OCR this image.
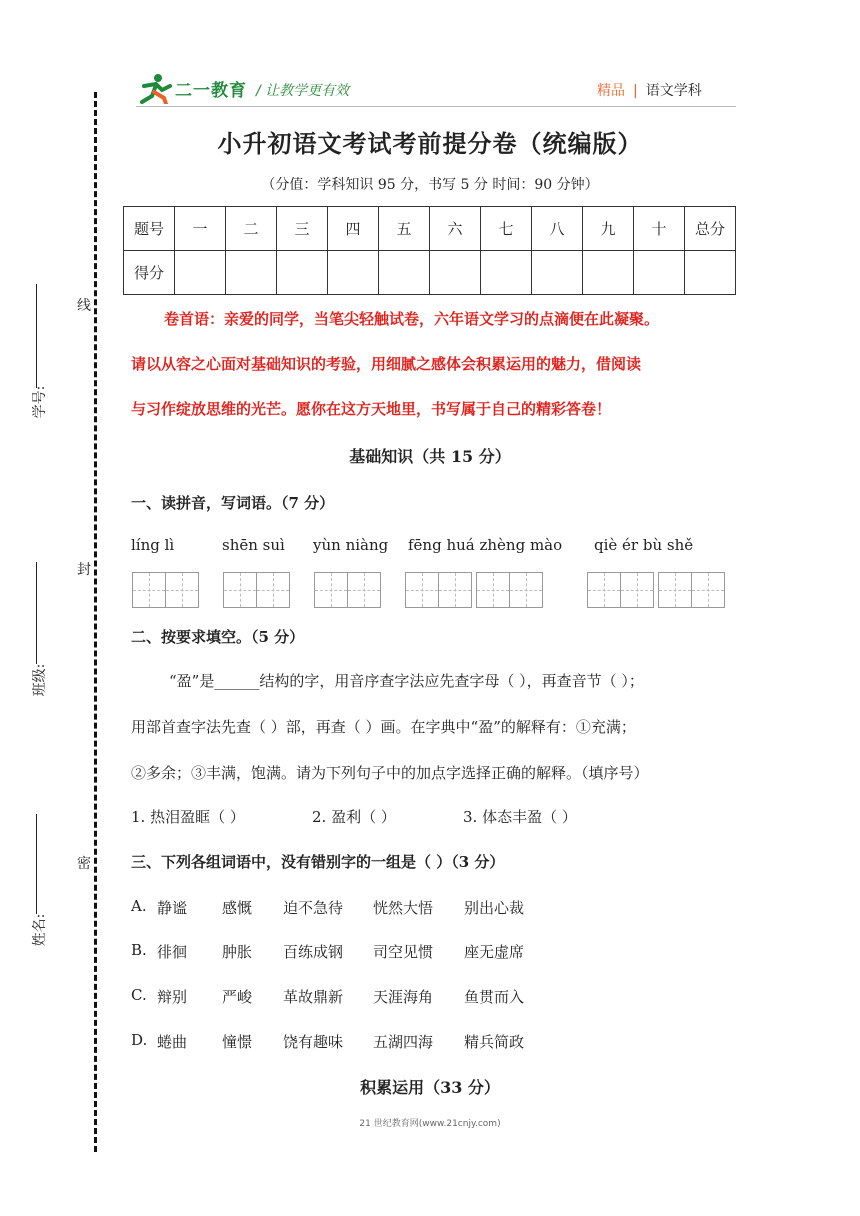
二一教育 / 让教学更有效	精品 | 语文学科
线
封
密
学号:
班级:
姓名:
小升初语文考试考前提分卷（统编版）
（分值：学科知识 95 分，书写 5 分 时间：90 分钟）
题号	一	二	三	四	五	六	七	八	九	十	总分
得分											
卷首语：亲爱的同学，当笔尖轻触试卷，六年语文学习的点滴便在此凝聚。
请以从容之心面对基础知识的考验，用细腻之感体会积累运用的魅力，借阅读
与习作绽放思维的光芒。愿你在这方天地里，书写属于自己的精彩答卷！
基础知识（共 15 分）
一、读拼音，写词语。（7 分）
líng lì	shēn suì yùn niàng fēng huá zhèng mào qiè ér bù shě
二、按要求填空。（5 分）
“盈”是______结构的字，用音序查字法应先查字母（ ），再查音节（ ）；
用部首查字法先查（ ）部，再查（ ）画。在字典中“盈”的解释有：①充满；
②多余；③丰满，饱满。请为下列句子中的加点字选择正确的解释。（填序号）
1. 热泪盈眶（ ）	2. 盈利（ ）	3. 体态丰盈（ ）
三、下列各组词语中，没有错别字的一组是（ ）（3 分）
A. 静谧 感慨 迫不急待 恍然大悟 别出心裁
B. 徘徊 肿胀 百练成钢 司空见惯 座无虚席
C. 辩别 严峻 革故鼎新 天涯海角 鱼贯而入
D. 蜷曲 憧憬 饶有趣味 五湖四海 精兵简政
积累运用（33 分）
21 世纪教育网(www.21cnjy.com)
